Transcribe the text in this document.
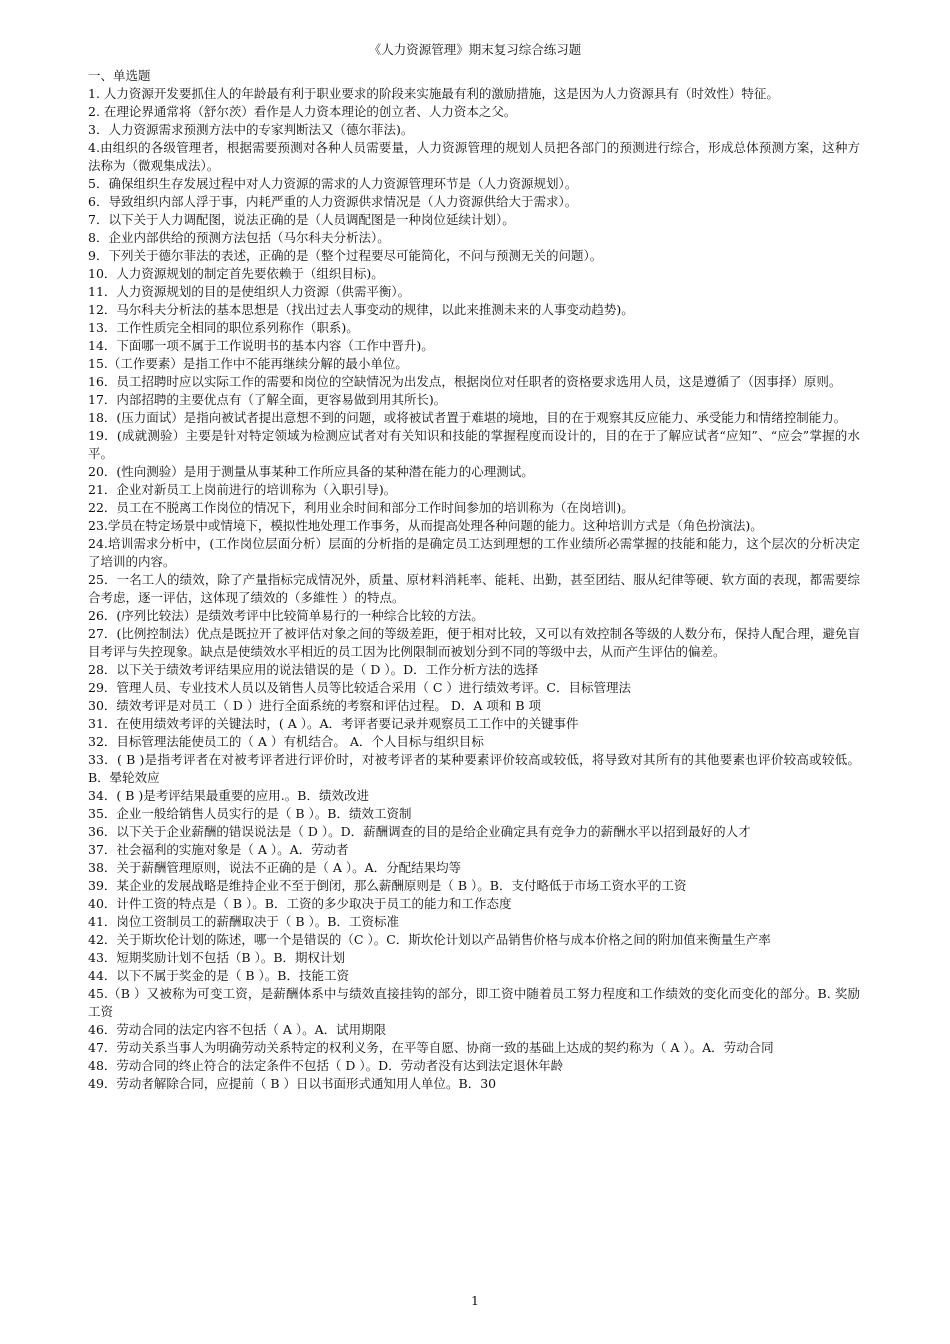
《人力资源管理》期末复习综合练习题

一、单选题

1. 人力资源开发要抓住人的年龄最有利于职业要求的阶段来实施最有利的激励措施，这是因为人力资源具有（时效性）特征。

2. 在理论界通常将（舒尔茨）看作是人力资本理论的创立者、人力资本之父。

3．人力资源需求预测方法中的专家判断法又（德尔菲法)。

4.由组织的各级管理者，根据需要预测对各种人员需要量，人力资源管理的规划人员把各部门的预测进行综合，形成总体预测方案，这种方法称为（微观集成法）。

5．确保组织生存发展过程中对人力资源的需求的人力资源管理环节是（人力资源规划）。

6．导致组织内部人浮于事，内耗严重的人力资源供求情况是（人力资源供给大于需求）。

7．以下关于人力调配图，说法正确的是（人员调配图是一种岗位延续计划）。

8．企业内部供给的预测方法包括（马尔科夫分析法）。

9．下列关于德尔菲法的表述，正确的是（整个过程要尽可能简化，不问与预测无关的问题）。

10．人力资源规划的制定首先要依赖于（组织目标)。

11．人力资源规划的目的是使组织人力资源（供需平衡）。

12．马尔科夫分析法的基本思想是（找出过去人事变动的规律，以此来推测未来的人事变动趋势)。

13．工作性质完全相同的职位系列称作（职系)。

14．下面哪一项不属于工作说明书的基本内容（工作中晋升)。

15.（工作要素）是指工作中不能再继续分解的最小单位。

16．员工招聘时应以实际工作的需要和岗位的空缺情况为出发点，根据岗位对任职者的资格要求选用人员，这是遵循了（因事择）原则。

17．内部招聘的主要优点有（了解全面，更容易做到用其所长)。

18．(压力面试）是指向被试者提出意想不到的问题，或将被试者置于难堪的境地，目的在于观察其反应能力、承受能力和情绪控制能力。

19．(成就测验）主要是针对特定领域为检测应试者对有关知识和技能的掌握程度而设计的，目的在于了解应试者“应知”、“应会”掌握的水平。

20．(性向测验）是用于测量从事某种工作所应具备的某种潜在能力的心理测试。

21．企业对新员工上岗前进行的培训称为（入职引导)。

22．员工在不脱离工作岗位的情况下，利用业余时间和部分工作时间参加的培训称为（在岗培训)。

23.学员在特定场景中或情境下，模拟性地处理工作事务，从而提高处理各种问题的能力。这种培训方式是（角色扮演法)。

24.培训需求分析中，(工作岗位层面分析）层面的分析指的是确定员工达到理想的工作业绩所必需掌握的技能和能力，这个层次的分析决定了培训的内容。

25．一名工人的绩效，除了产量指标完成情况外，质量、原材料消耗率、能耗、出勤，甚至团结、服从纪律等硬、软方面的表现，都需要综合考虑，逐一评估，这体现了绩效的（多維性 ）的特点。

26．(序列比较法）是绩效考评中比较简单易行的一种综合比较的方法。

27．(比例控制法）优点是既拉开了被评估对象之间的等级差距，便于相对比较，又可以有效控制各等级的人数分布，保持人配合理，避免盲目考评与失控现象。缺点是使绩效水平相近的员工因为比例限制而被划分到不同的等级中去，从而产生评估的偏差。

28．以下关于绩效考评结果应用的说法错误的是（ D ）。D．工作分析方法的选择

29．管理人员、专业技术人员以及销售人员等比较适合采用（ C ）进行绩效考评。C．目标管理法

30．绩效考评是对员工（ D ）进行全面系统的考察和评估过程。 D．A 项和 B 项

31．在使用绩效考评的关键法时，( A ）。A．考评者要记录并观察员工工作中的关键事件

32．目标管理法能使员工的（ A ）有机结合。 A．个人目标与组织目标

33．( B )是指考评者在对被考评者进行评价时，对被考评者的某种要素评价较高或较低，将导致对其所有的其他要素也评价较高或较低。 B．晕轮效应

34．( B )是考评结果最重要的应用.。B．绩效改进

35．企业一般给销售人员实行的是（ B ）。B．绩效工资制

36．以下关于企业薪酬的错误说法是（ D ）。D．薪酬调查的目的是给企业确定具有竞争力的薪酬水平以招到最好的人才

37．社会福利的实施对象是（ A ）。A．劳动者

38．关于薪酬管理原则，说法不正确的是（ A ）。A．分配结果均等

39．某企业的发展战略是维持企业不至于倒闭，那么薪酬原则是（ B ）。B．支付略低于市场工资水平的工资

40．计件工资的特点是（ B ）。B．工资的多少取决于员工的能力和工作态度

41．岗位工资制员工的薪酬取决于（ B ）。B．工资标准

42．关于斯坎伦计划的陈述，哪一个是错误的（C ）。C．斯坎伦计划以产品销售价格与成本价格之间的附加值来衡量生产率

43．短期奖励计划不包括（B ）。B．期权计划

44．以下不属于奖金的是（ B ）。B．技能工资

45.（B ）又被称为可变工资，是薪酬体系中与绩效直接挂钩的部分，即工资中随着员工努力程度和工作绩效的变化而变化的部分。B. 奖励工资

46．劳动合同的法定内容不包括（ A ）。A．试用期限

47．劳动关系当事人为明确劳动关系特定的权利义务，在平等自愿、协商一致的基础上达成的契约称为（ A ）。A．劳动合同

48．劳动合同的终止符合的法定条件不包括（ D ）。D．劳动者没有达到法定退休年龄

49．劳动者解除合同，应提前（ B ）日以书面形式通知用人单位。B．30

1
